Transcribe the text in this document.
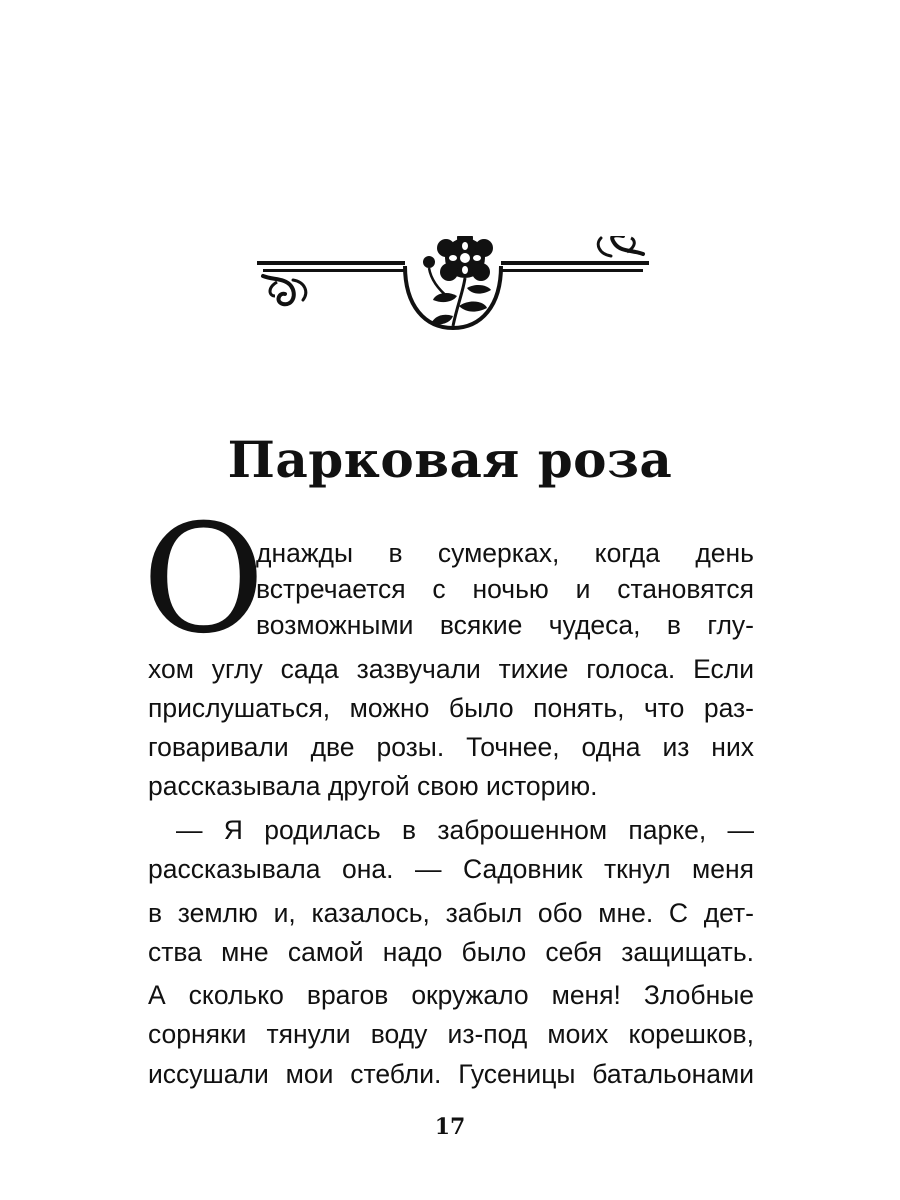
Парковая роза
О

днажды в сумерках, когда день

встречается с ночью и становятся

возможными всякие чудеса, в глу-

хом углу сада зазвучали тихие голоса. Если

прислушаться, можно было понять, что раз-

говаривали две розы. Точнее, одна из них

рассказывала другой свою историю.

— Я родилась в заброшенном парке, —

рассказывала она. — Садовник ткнул меня

в землю и, казалось, забыл обо мне. С дет-

ства мне самой надо было себя защищать.

А сколько врагов окружало меня! Злобные

сорняки тянули воду из-под моих корешков,

иссушали мои стебли. Гусеницы батальонами

17
